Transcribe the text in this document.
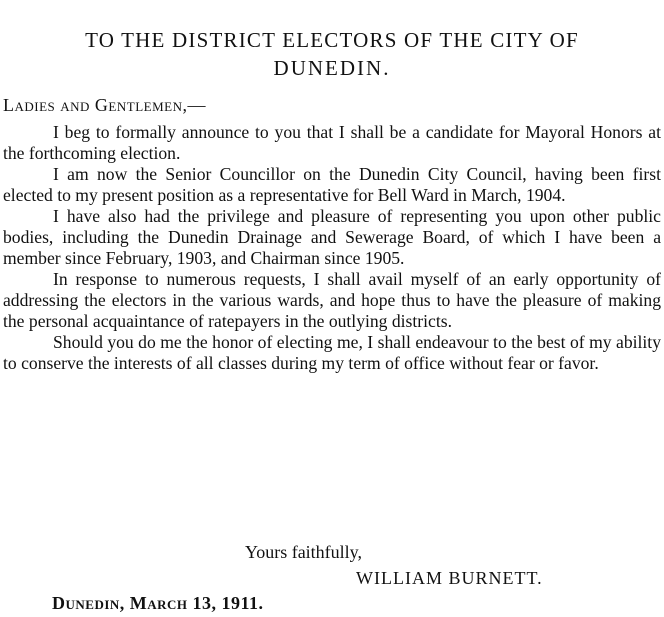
TO THE DISTRICT ELECTORS OF THE CITY OF
DUNEDIN.
Ladies and Gentlemen,—

I beg to formally announce to you that I shall be a candidate for Mayoral Honors at the forthcoming election.

I am now the Senior Councillor on the Dunedin City Council, having been first elected to my present position as a representative for Bell Ward in March, 1904.

I have also had the privilege and pleasure of representing you upon other public bodies, including the Dunedin Drainage and Sewerage Board, of which I have been a member since February, 1903, and Chairman since 1905.

In response to numerous requests, I shall avail myself of an early opportunity of addressing the electors in the various wards, and hope thus to have the pleasure of making the personal acquaintance of ratepayers in the outlying districts.

Should you do me the honor of electing me, I shall endeavour to the best of my ability to conserve the interests of all classes during my term of office without fear or favor.

Yours faithfully,
WILLIAM BURNETT.
Dunedin, March 13, 1911.
